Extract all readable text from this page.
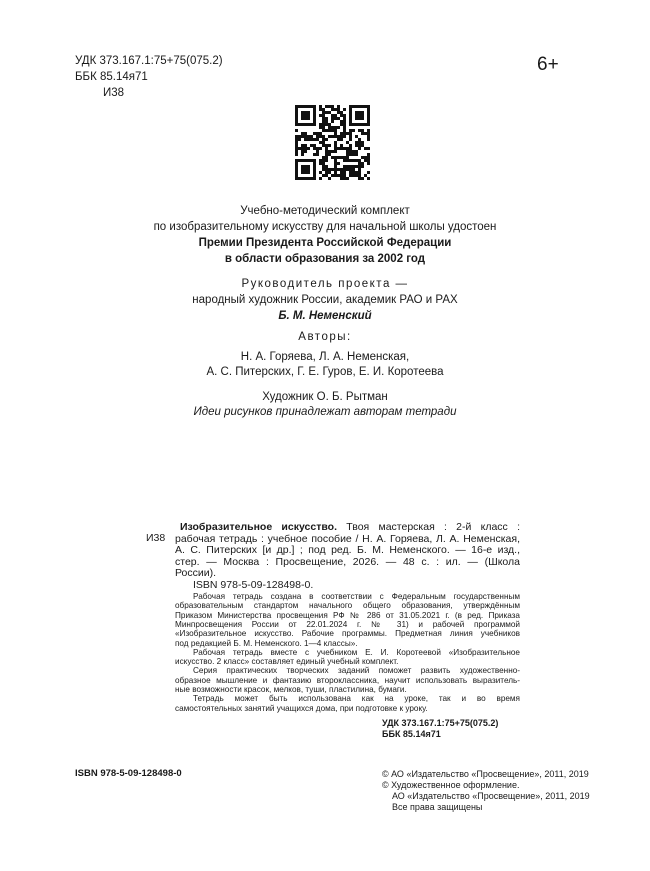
УДК 373.167.1:75+75(075.2)
ББК 85.14я71
И38
6+
Учебно-методический комплект
по изобразительному искусству для начальной школы удостоен
Премии Президента Российской Федерации
в области образования за 2002 год
Руководитель проекта —
народный художник России, академик РАО и РАХ
Б. М. Неменский
Авторы:
Н. А. Горяева, Л. А. Неменская,
А. С. Питерских, Г. Е. Гуров, Е. И. Коротеева
Художник О. Б. Рытман
Идеи рисунков принадлежат авторам тетради
И38
Изобразительное искусство. Твоя мастерская : 2-й класс :
рабочая тетрадь : учебное пособие / Н. А. Горяева, Л. А. Неменская,
А. С. Питерских [и др.] ; под ред. Б. М. Неменского. — 16-е изд.,
стер. — Москва : Просвещение, 2026. — 48 с. : ил. — (Школа
России).
ISBN 978-5-09-128498-0.
Рабочая тетрадь создана в соответствии с Федеральным государственным
образовательным стандартом начального общего образования, утверждённым
Приказом Министерства просвещения РФ № 286 от 31.05.2021 г. (в ред. Приказа
Минпросвещения России от 22.01.2024 г. № 31) и рабочей программой
«Изобразительное искусство. Рабочие программы. Предметная линия учебников
под редакцией Б. М. Неменского. 1—4 классы».
Рабочая тетрадь вместе с учебником Е. И. Коротеевой «Изобразительное
искусство. 2 класс» составляет единый учебный комплект.
Серия практических творческих заданий поможет развить художественно-
образное мышление и фантазию второклассника, научит использовать выразитель-
ные возможности красок, мелков, туши, пластилина, бумаги.
Тетрадь может быть использована как на уроке, так и во время
самостоятельных занятий учащихся дома, при подготовке к уроку.
УДК 373.167.1:75+75(075.2)
ББК 85.14я71
ISBN 978-5-09-128498-0	© АО «Издательство «Просвещение», 2011, 2019
© Художественное оформление.
АО «Издательство «Просвещение», 2011, 2019
Все права защищены
